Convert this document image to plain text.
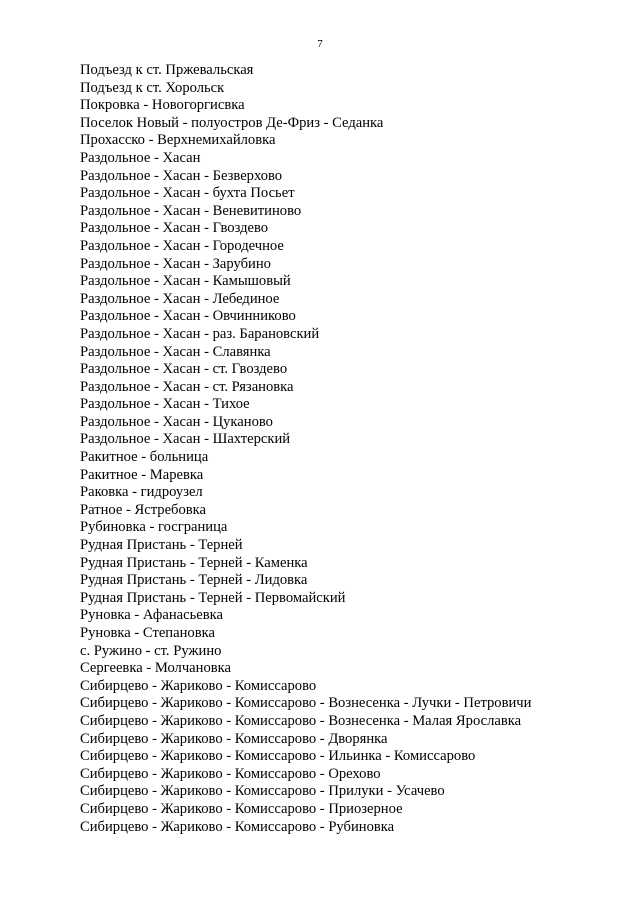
7
Подъезд к ст. Пржевальская
Подъезд к ст. Хорольск
Покровка - Новогоргисвка
Поселок Новый - полуостров Де-Фриз - Седанка
Прохасско - Верхнемихайловка
Раздольное - Хасан
Раздольное - Хасан - Безверхово
Раздольное - Хасан - бухта Посьет
Раздольное - Хасан - Веневитиново
Раздольное - Хасан - Гвоздево
Раздольное - Хасан - Городечное
Раздольное - Хасан - Зарубино
Раздольное - Хасан - Камышовый
Раздольное - Хасан - Лебединое
Раздольное - Хасан - Овчинниково
Раздольное - Хасан - раз. Барановский
Раздольное - Хасан - Славянка
Раздольное - Хасан - ст. Гвоздево
Раздольное - Хасан - ст. Рязановка
Раздольное - Хасан - Тихое
Раздольное - Хасан - Цуканово
Раздольное - Хасан - Шахтерский
Ракитное - больница
Ракитное - Маревка
Раковка - гидроузел
Ратное - Ястребовка
Рубиновка - госграница
Рудная Пристань - Терней
Рудная Пристань - Терней - Каменка
Рудная Пристань - Терней - Лидовка
Рудная Пристань - Терней - Первомайский
Руновка - Афанасьевка
Руновка - Степановка
с. Ружино - ст. Ружино
Сергеевка - Молчановка
Сибирцево - Жариково - Комиссарово
Сибирцево - Жариково - Комиссарово - Вознесенка - Лучки - Петровичи
Сибирцево - Жариково - Комиссарово - Вознесенка - Малая Ярославка
Сибирцево - Жариково - Комиссарово - Дворянка
Сибирцево - Жариково - Комиссарово - Ильинка - Комиссарово
Сибирцево - Жариково - Комиссарово - Орехово
Сибирцево - Жариково - Комиссарово - Прилуки - Усачево
Сибирцево - Жариково - Комиссарово - Приозерное
Сибирцево - Жариково - Комиссарово - Рубиновка
